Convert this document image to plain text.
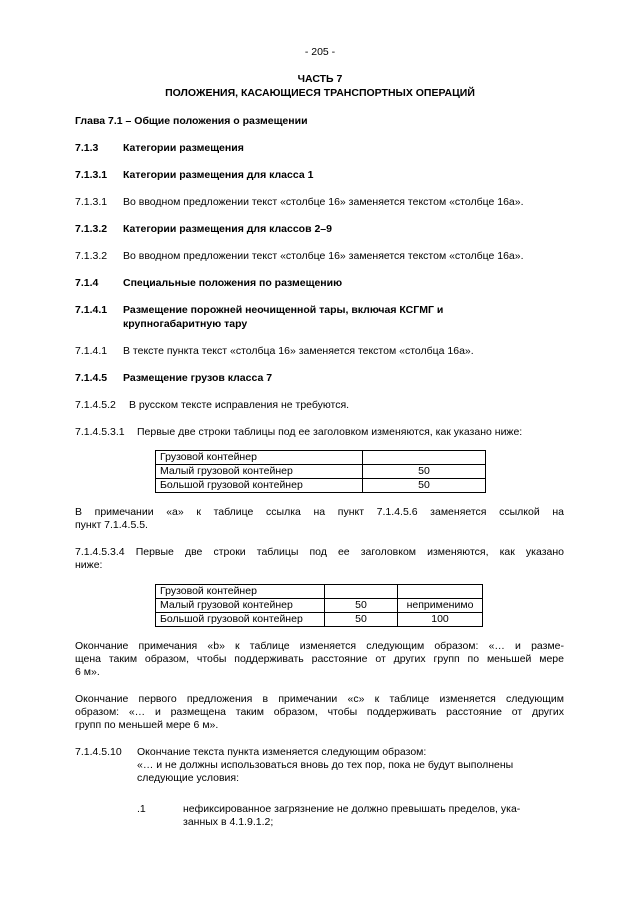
- 205 -
ЧАСТЬ 7
ПОЛОЖЕНИЯ, КАСАЮЩИЕСЯ ТРАНСПОРТНЫХ ОПЕРАЦИЙ
Глава 7.1 – Общие положения о размещении
7.1.3 Категории размещения
7.1.3.1 Категории размещения для класса 1
7.1.3.1 Во вводном предложении текст «столбце 16» заменяется текстом «столбце 16а».
7.1.3.2 Категории размещения для классов 2–9
7.1.3.2 Во вводном предложении текст «столбце 16» заменяется текстом «столбце 16а».
7.1.4 Специальные положения по размещению
7.1.4.1 Размещение порожней неочищенной тары, включая КСГМГ и
крупногабаритную тару
7.1.4.1 В тексте пункта текст «столбца 16» заменяется текстом «столбца 16а».
7.1.4.5 Размещение грузов класса 7
7.1.4.5.2 В русском тексте исправления не требуются.
7.1.4.5.3.1 Первые две строки таблицы под ее заголовком изменяются, как указано ниже:
Грузовой контейнер	
Малый грузовой контейнер	50
Большой грузовой контейнер	50
В примечании «a» к таблице ссылка на пункт 7.1.4.5.6 заменяется ссылкой на
пункт 7.1.4.5.5.
7.1.4.5.3.4 Первые две строки таблицы под ее заголовком изменяются, как указано
ниже:
Грузовой контейнер		
Малый грузовой контейнер	50	неприменимо
Большой грузовой контейнер	50	100
Окончание примечания «b» к таблице изменяется следующим образом: «… и разме-
щена таким образом, чтобы поддерживать расстояние от других групп по меньшей мере
6 м».
Окончание первого предложения в примечании «c» к таблице изменяется следующим
образом: «… и размещена таким образом, чтобы поддерживать расстояние от других
групп по меньшей мере 6 м».
7.1.4.5.10 Окончание текста пункта изменяется следующим образом:
«… и не должны использоваться вновь до тех пор, пока не будут выполнены
следующие условия:
.1	нефиксированное загрязнение не должно превышать пределов, ука-
занных в 4.1.9.1.2;
